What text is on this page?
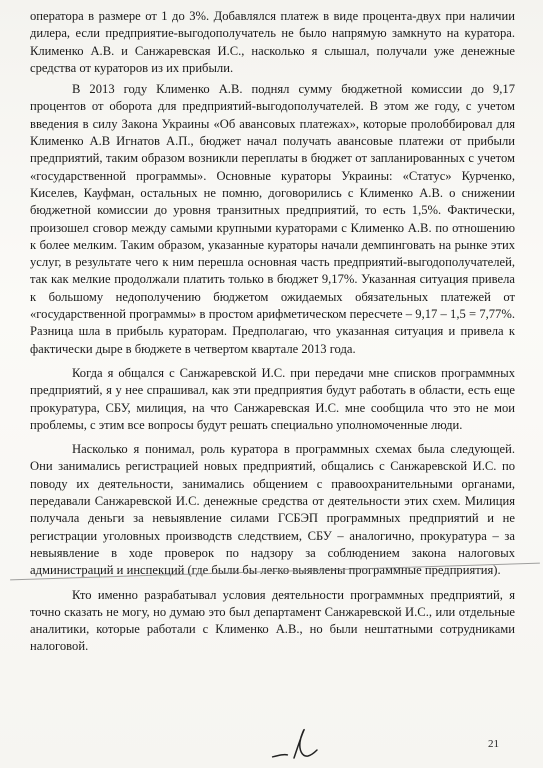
оператора в размере от 1 до 3%. Добавлялся платеж в виде процента-двух при наличии дилера, если предприятие-выгодополучатель не было напрямую замкнуто на куратора. Клименко А.В. и Санжаревская И.С., насколько я слышал, получали уже денежные средства от кураторов из их прибыли.

В 2013 году Клименко А.В. поднял сумму бюджетной комиссии до 9,17 процентов от оборота для предприятий-выгодополучателей. В этом же году, с учетом введения в силу Закона Украины «Об авансовых платежах», которые пролоббировал для Клименко А.В Игнатов А.П., бюджет начал получать авансовые платежи от прибыли предприятий, таким образом возникли переплаты в бюджет от запланированных с учетом «государственной программы». Основные кураторы Украины: «Статус» Курченко, Киселев, Кауфман, остальных не помню, договорились с Клименко А.В. о снижении бюджетной комиссии до уровня транзитных предприятий, то есть 1,5%. Фактически, произошел сговор между самыми крупными кураторами с Клименко А.В. по отношению к более мелким. Таким образом, указанные кураторы начали демпинговать на рынке этих услуг, в результате чего к ним перешла основная часть предприятий-выгодополучателей, так как мелкие продолжали платить только в бюджет 9,17%. Указанная ситуация привела к большому недополучению бюджетом ожидаемых обязательных платежей от «государственной программы» в простом арифметическом пересчете – 9,17 – 1,5 = 7,77%. Разница шла в прибыль кураторам. Предполагаю, что указанная ситуация и привела к фактически дыре в бюджете в четвертом квартале 2013 года.

Когда я общался с Санжаревской И.С. при передачи мне списков программных предприятий, я у нее спрашивал, как эти предприятия будут работать в области, есть еще прокуратура, СБУ, милиция, на что Санжаревская И.С. мне сообщила что это не мои проблемы, с этим все вопросы будут решать специально уполномоченные люди.

Насколько я понимал, роль куратора в программных схемах была следующей. Они занимались регистрацией новых предприятий, общались с Санжаревской И.С. по поводу их деятельности, занимались общением с правоохранительными органами, передавали Санжаревской И.С. денежные средства от деятельности этих схем. Милиция получала деньги за невыявление силами ГСБЭП программных предприятий и не регистрации уголовных производств следствием, СБУ – аналогично, прокуратура – за невыявление в ходе проверок по надзору за соблюдением закона налоговых администраций и инспекций (где были бы легко выявлены программные предприятия).

Кто именно разрабатывал условия деятельности программных предприятий, я точно сказать не могу, но думаю это был департамент Санжаревской И.С., или отдельные аналитики, которые работали с Клименко А.В., но были нештатными сотрудниками налоговой.

21
